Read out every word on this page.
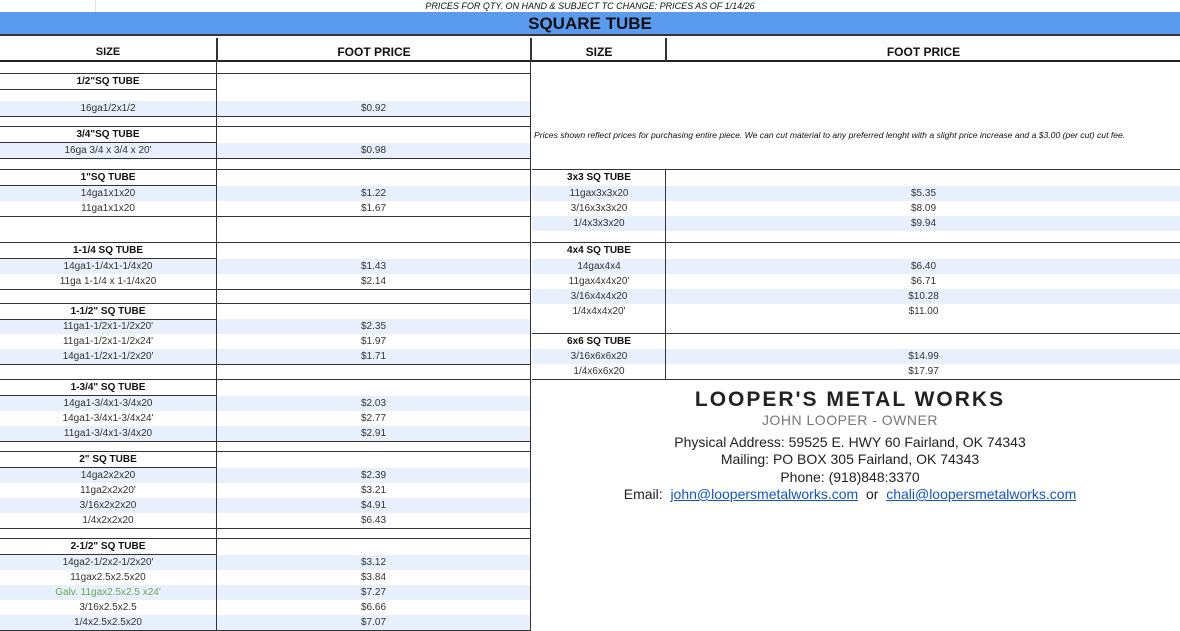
PRICES FOR QTY. ON HAND & SUBJECT TC CHANGE: PRICES AS OF 1/14/26
SQUARE TUBE
SIZE	FOOT PRICE	SIZE	FOOT PRICE
1/2"SQ TUBE
16ga1/2x1/2	$0.92
3/4"SQ TUBE
16ga 3/4 x 3/4 x 20'	$0.98
1"SQ TUBE
14ga1x1x20	$1.22
11ga1x1x20	$1.67
1-1/4 SQ TUBE
14ga1-1/4x1-1/4x20	$1.43
11ga 1-1/4 x 1-1/4x20	$2.14
1-1/2" SQ TUBE
11ga1-1/2x1-1/2x20'	$2.35
11ga1-1/2x1-1/2x24'	$1.97
14ga1-1/2x1-1/2x20'	$1.71
1-3/4" SQ TUBE
14ga1-3/4x1-3/4x20	$2.03
14ga1-3/4x1-3/4x24'	$2.77
11ga1-3/4x1-3/4x20	$2.91
2" SQ TUBE
14ga2x2x20	$2.39
11ga2x2x20'	$3.21
3/16x2x2x20	$4.91
1/4x2x2x20	$6.43
2-1/2" SQ TUBE
14ga2-1/2x2-1/2x20'	$3.12
11gax2.5x2.5x20	$3.84
Galv. 11gax2.5x2.5 x24'	$7.27
3/16x2.5x2.5	$6.66
1/4x2.5x2.5x20	$7.07
3x3 SQ TUBE
11gax3x3x20	$5.35
3/16x3x3x20	$8.09
1/4x3x3x20	$9.94
4x4 SQ TUBE
14gax4x4	$6.40
11gax4x4x20'	$6.71
3/16x4x4x20	$10.28
1/4x4x4x20'	$11.00
6x6 SQ TUBE
3/16x6x6x20	$14.99
1/4x6x6x20	$17.97
Prices shown reflect prices for purchasing entire piece. We can cut material to any preferred lenght with a slight price increase and a $3.00 (per cut) cut fee.
LOOPER'S METAL WORKS
JOHN LOOPER - OWNER
Physical Address: 59525 E. HWY 60 Fairland, OK 74343
Mailing: PO BOX 305 Fairland, OK 74343
Phone: (918)848:3370
Email: john@loopersmetalworks.com or chali@loopersmetalworks.com
